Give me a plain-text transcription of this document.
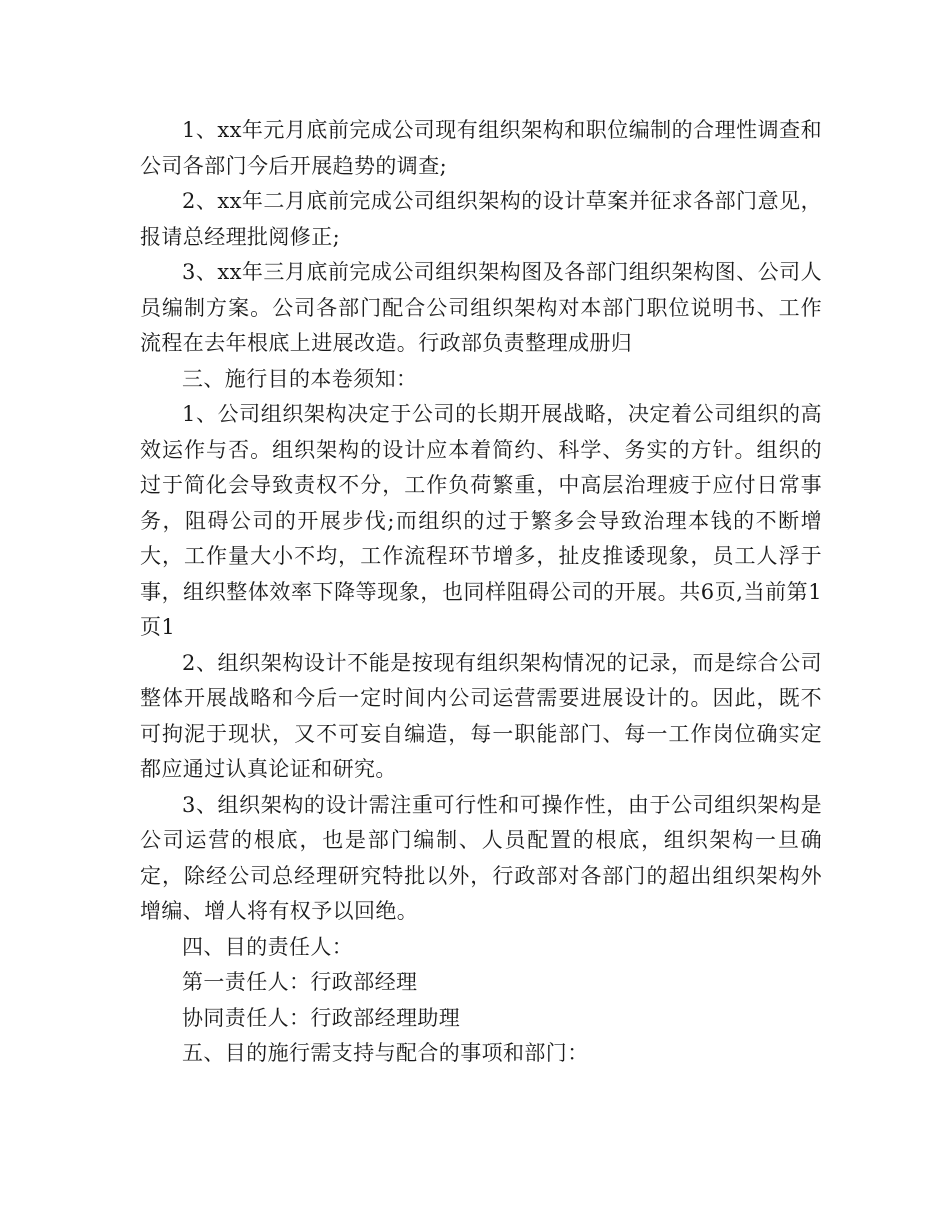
1、xx年元月底前完成公司现有组织架构和职位编制的合理性调查和公司各部门今后开展趋势的调查;

2、xx年二月底前完成公司组织架构的设计草案并征求各部门意见，报请总经理批阅修正;

3、xx年三月底前完成公司组织架构图及各部门组织架构图、公司人员编制方案。公司各部门配合公司组织架构对本部门职位说明书、工作流程在去年根底上进展改造。行政部负责整理成册归

三、施行目的本卷须知：

1、公司组织架构决定于公司的长期开展战略，决定着公司组织的高效运作与否。组织架构的设计应本着简约、科学、务实的方针。组织的过于简化会导致责权不分，工作负荷繁重，中高层治理疲于应付日常事务，阻碍公司的开展步伐;而组织的过于繁多会导致治理本钱的不断增大，工作量大小不均，工作流程环节增多，扯皮推诿现象，员工人浮于事，组织整体效率下降等现象，也同样阻碍公司的开展。共6页,当前第1页1

2、组织架构设计不能是按现有组织架构情况的记录，而是综合公司整体开展战略和今后一定时间内公司运营需要进展设计的。因此，既不可拘泥于现状，又不可妄自编造，每一职能部门、每一工作岗位确实定都应通过认真论证和研究。

3、组织架构的设计需注重可行性和可操作性，由于公司组织架构是公司运营的根底，也是部门编制、人员配置的根底，组织架构一旦确定，除经公司总经理研究特批以外，行政部对各部门的超出组织架构外增编、增人将有权予以回绝。

四、目的责任人：

第一责任人：行政部经理

协同责任人：行政部经理助理

五、目的施行需支持与配合的事项和部门：
